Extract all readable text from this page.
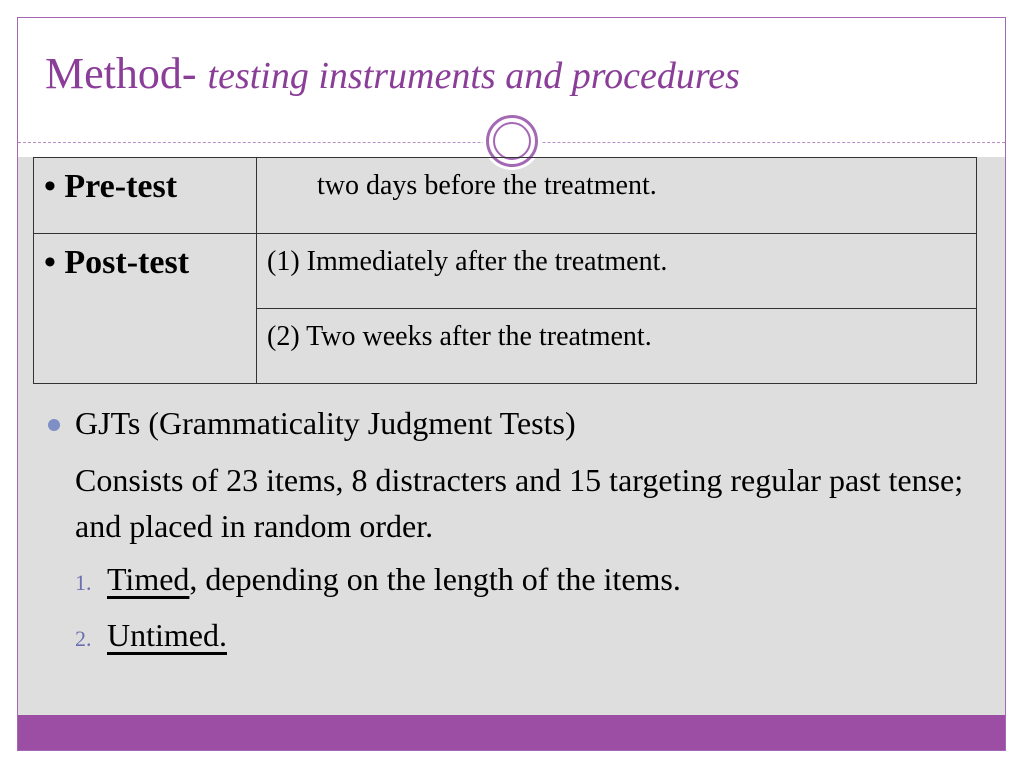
Method- testing instruments and procedures
• Pre-test	two days before the treatment.

• Post-test	(1) Immediately after the treatment.
	(2) Two weeks after the treatment.
GJTs (Grammaticality Judgment Tests)
Consists of 23 items, 8 distracters and 15 targeting regular past tense; and placed in random order.
1. Timed, depending on the length of the items.
2. Untimed.
